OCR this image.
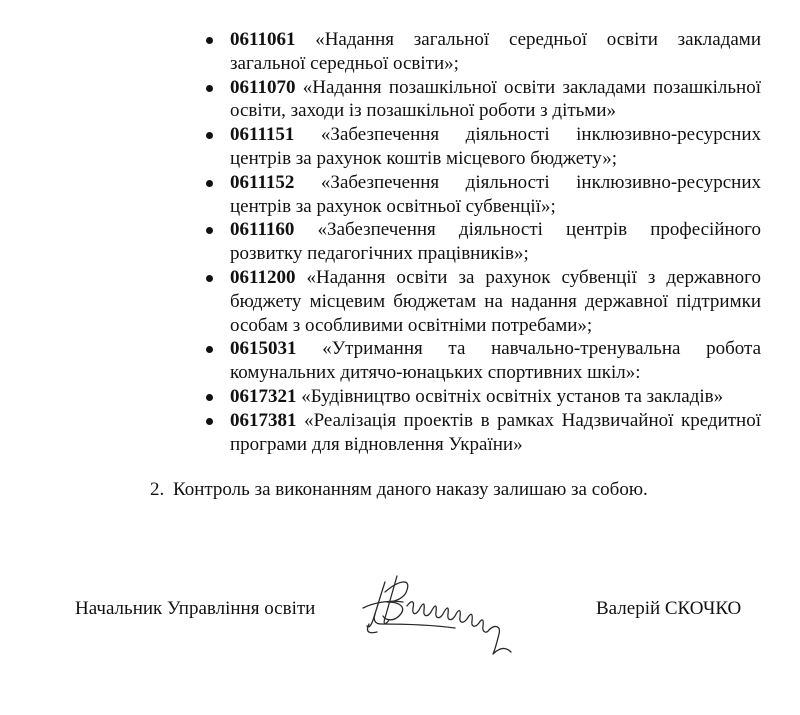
0611061 «Надання загальної середньої освіти закладами загальної середньої освіти»;
0611070 «Надання позашкільної освіти закладами позашкільної освіти, заходи із позашкільної роботи з дітьми»
0611151 «Забезпечення діяльності інклюзивно-ресурсних центрів за рахунок коштів місцевого бюджету»;
0611152 «Забезпечення діяльності інклюзивно-ресурсних центрів за рахунок освітньої субвенції»;
0611160 «Забезпечення діяльності центрів професійного розвитку педагогічних працівників»;
0611200 «Надання освіти за рахунок субвенції з державного бюджету місцевим бюджетам на надання державної підтримки особам з особливими освітніми потребами»;
0615031 «Утримання та навчально-тренувальна робота комунальних дитячо-юнацьких спортивних шкіл»:
0617321 «Будівництво освітніх освітніх установ та закладів»
0617381 «Реалізація проектів в рамках Надзвичайної кредитної програми для відновлення України»
2. Контроль за виконанням даного наказу залишаю за собою.
Начальник Управління освіти	Валерій СКОЧКО
